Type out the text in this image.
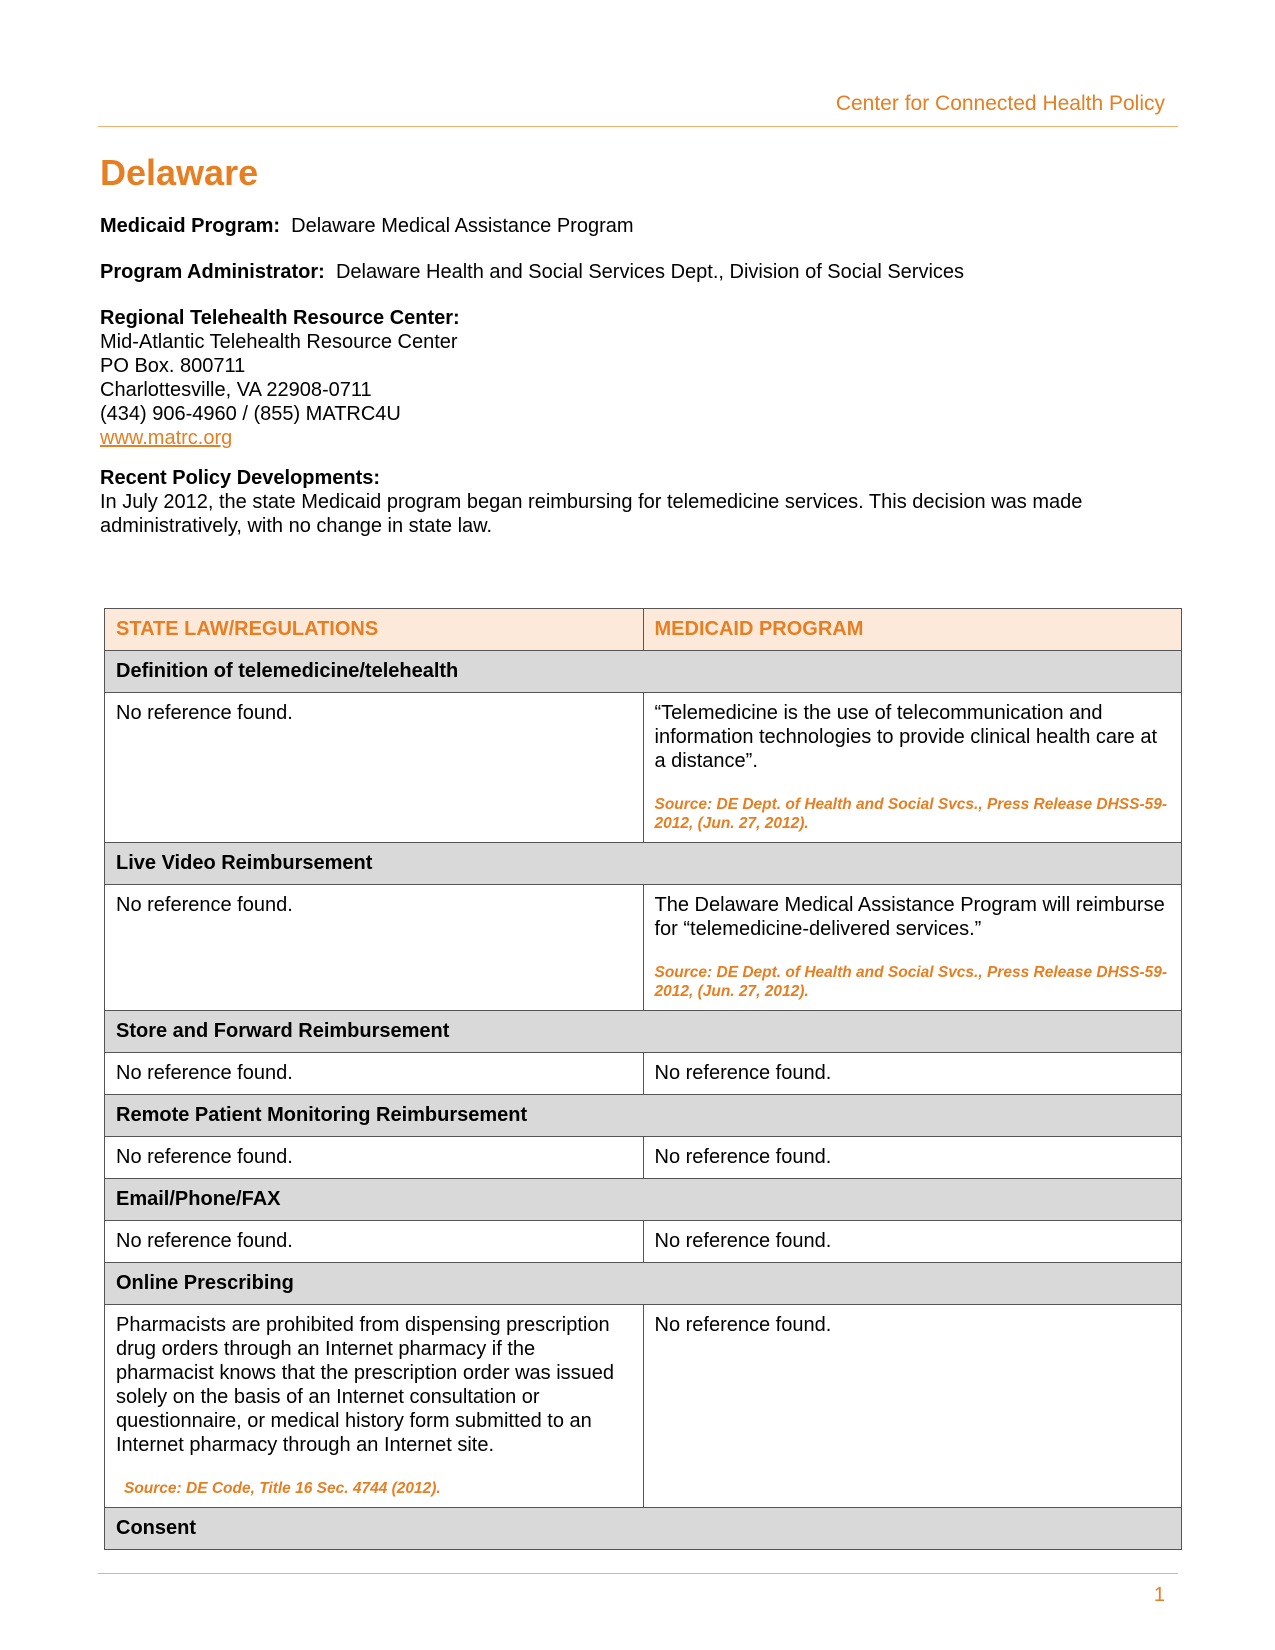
Center for Connected Health Policy
Delaware
Medicaid Program: Delaware Medical Assistance Program
Program Administrator: Delaware Health and Social Services Dept., Division of Social Services
Regional Telehealth Resource Center:
Mid-Atlantic Telehealth Resource Center
PO Box. 800711
Charlottesville, VA 22908-0711
(434) 906-4960 / (855) MATRC4U
www.matrc.org
Recent Policy Developments:
In July 2012, the state Medicaid program began reimbursing for telemedicine services. This decision was made
administratively, with no change in state law.
STATE LAW/REGULATIONS	MEDICAID PROGRAM
Definition of telemedicine/telehealth	
No reference found.	“Telemedicine is the use of telecommunication and information technologies to provide clinical health care at a distance”.
Source: DE Dept. of Health and Social Svcs., Press Release DHSS-59-2012, (Jun. 27, 2012).

Live Video Reimbursement	
No reference found.	The Delaware Medical Assistance Program will reimburse for “telemedicine-delivered services.”
Source: DE Dept. of Health and Social Svcs., Press Release DHSS-59-2012, (Jun. 27, 2012).

Store and Forward Reimbursement	
No reference found.	No reference found.
Remote Patient Monitoring Reimbursement	
No reference found.	No reference found.
Email/Phone/FAX	
No reference found.	No reference found.
Online Prescribing	
Pharmacists are prohibited from dispensing prescription drug orders through an Internet pharmacy if the pharmacist knows that the prescription order was issued solely on the basis of an Internet consultation or questionnaire, or medical history form submitted to an Internet pharmacy through an Internet site.
Source: DE Code, Title 16 Sec. 4744 (2012).	No reference found.
Consent	
1
